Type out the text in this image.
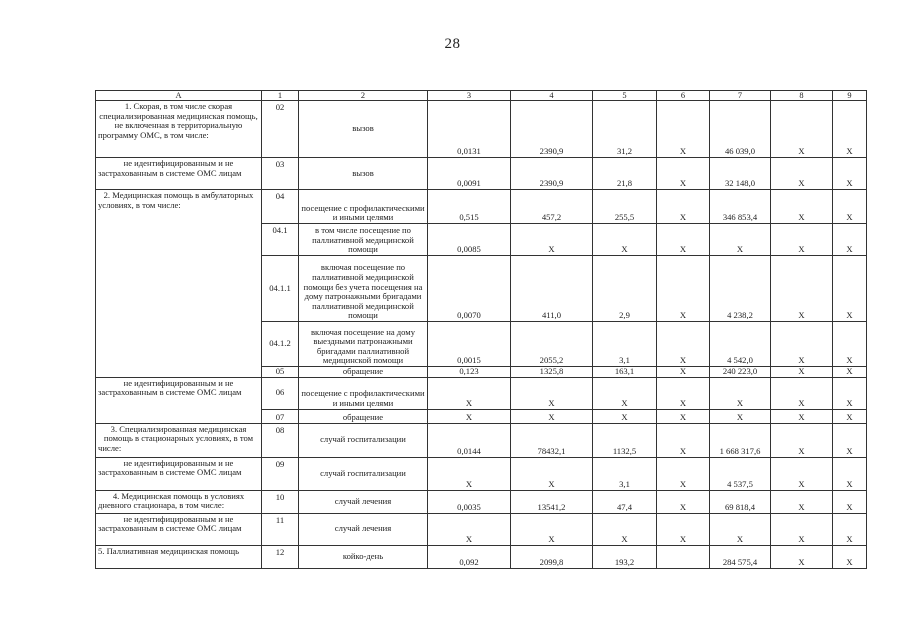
28
А	1	2	3	4	5	6	7	8	9
1. Скорая, в том числе скорая специализированная медицинская помощь, не включенная в территориальную программу ОМС, в том числе:	02	вызов	0,0131	2390,9	31,2	Х	46 039,0	Х	Х
не идентифицированным и не застрахованным в системе ОМС лицам	03	вызов	0,0091	2390,9	21,8	Х	32 148,0	Х	Х
2. Медицинская помощь в амбулаторных условиях, в том числе:	04	посещение с профилактическими и иными целями	0,515	457,2	255,5	Х	346 853,4	Х	Х
	04.1	в том числе посещение по паллиативной медицинской помощи	0,0085	Х	Х	Х	Х	Х	Х
	04.1.1	включая посещение по паллиативной медицинской помощи без учета посещения на дому патронажными бригадами паллиативной медицинской помощи	0,0070	411,0	2,9	Х	4 238,2	Х	Х
	04.1.2	включая посещение на дому выездными патронажными бригадами паллиативной медицинской помощи	0,0015	2055,2	3,1	Х	4 542,0	Х	Х
	05	обращение	0,123	1325,8	163,1	Х	240 223,0	Х	Х
не идентифицированным и не застрахованным в системе ОМС лицам	06	посещение с профилактическими и иными целями	Х	Х	Х	Х	Х	Х	Х
	07	обращение	Х	Х	Х	Х	Х	Х	Х
3. Специализированная медицинская помощь в стационарных условиях, в том числе:	08	случай госпитализации	0,0144	78432,1	1132,5	Х	1 668 317,6	Х	Х
не идентифицированным и не застрахованным в системе ОМС лицам	09	случай госпитализации	Х	Х	3,1	Х	4 537,5	Х	Х
4. Медицинская помощь в условиях дневного стационара, в том числе:	10	случай лечения	0,0035	13541,2	47,4	Х	69 818,4	Х	Х
не идентифицированным и не застрахованным в системе ОМС лицам	11	случай лечения	Х	Х	Х	Х	Х	Х	Х
5. Паллиативная медицинская помощь	12	койко-день	0,092	2099,8	193,2		284 575,4	Х	Х
